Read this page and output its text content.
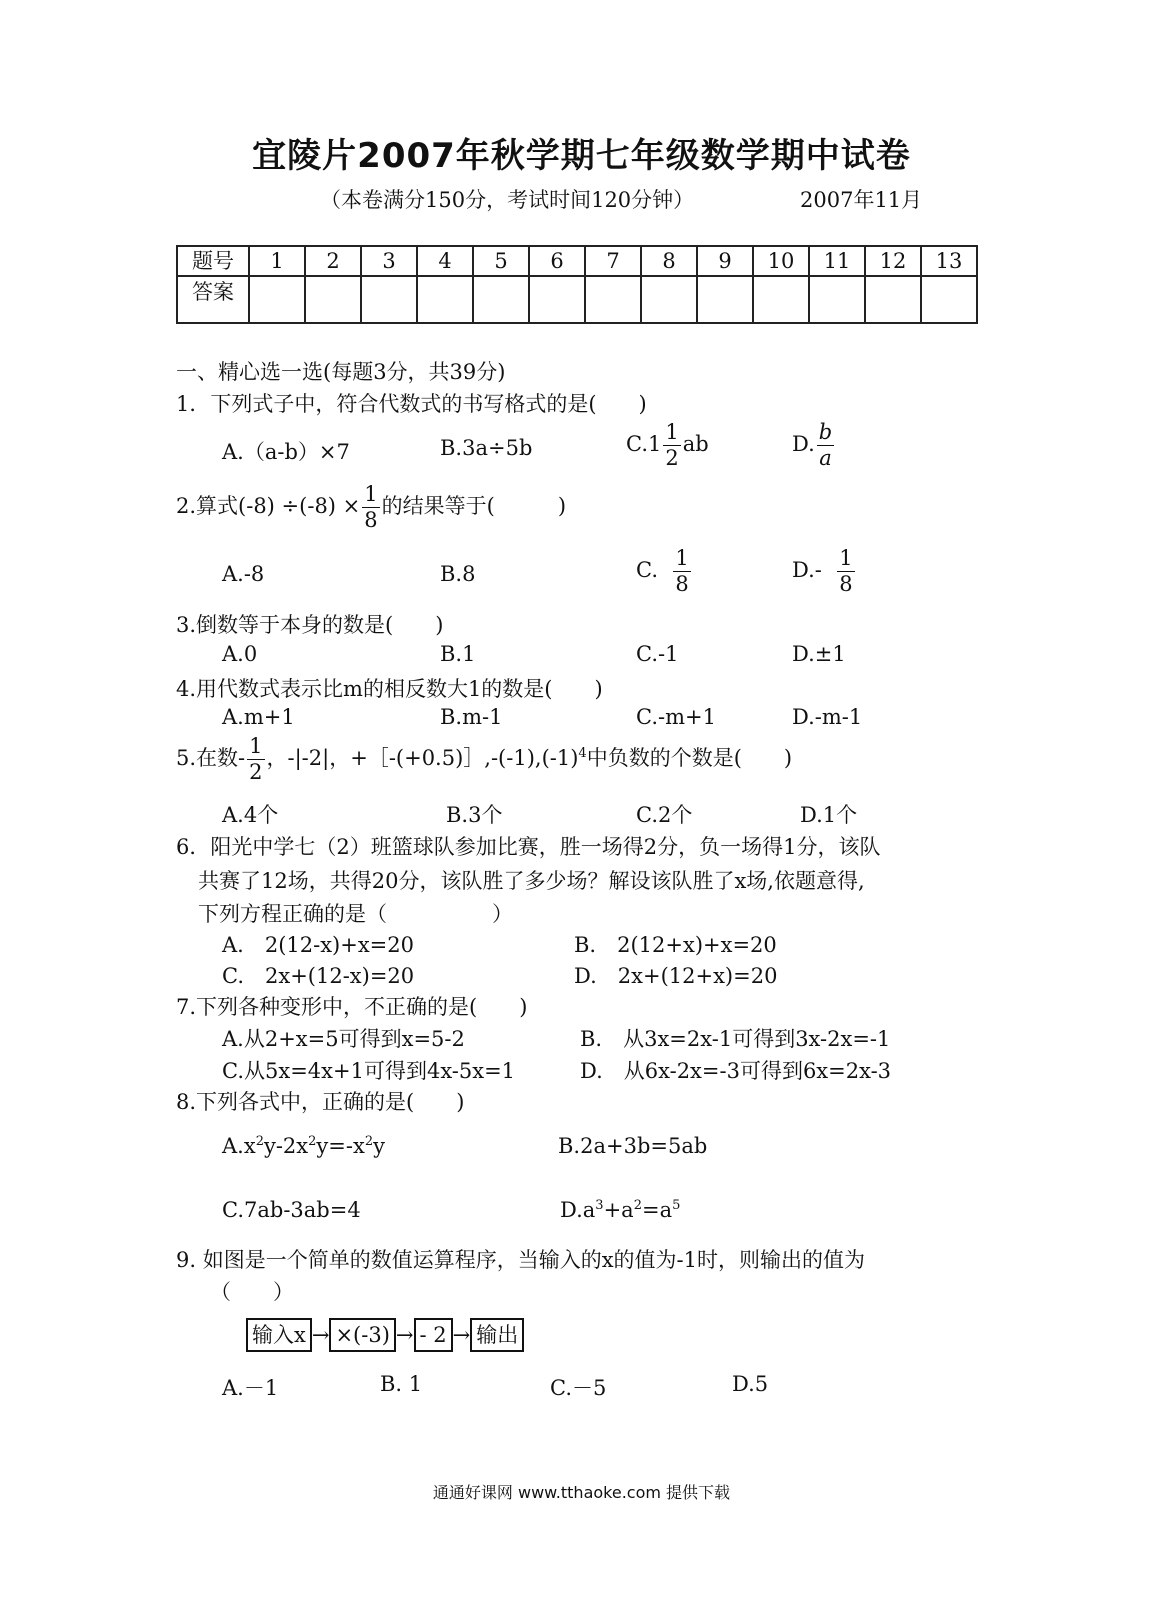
宜陵片2007年秋学期七年级数学期中试卷
（本卷满分150分，考试时间120分钟）	2007年11月
题号	1	2	3	4	5	6	7	8	9	10	11	12	13
答案													
一、精心选一选(每题3分，共39分)
1．下列式子中，符合代数式的书写格式的是(　　)
A.（a-b）×7	B.3a÷5b	$C.1 \frac{1}{2}$ ab	D. $\frac{b}{a}$
2.算式$(-8) \div(-8) \times \frac{1}{8}$ 的结果等于(　　　)
A.-8	B.8	C. $\frac{1}{8}$	$D.- \frac{1}{8}$
3.倒数等于本身的数是(　　)
A.0	B.1	C.-1	D.±1
4.用代数式表示比m的相反数大1的数是(　　)
A.m+1	B.m-1	C.-m+1	D.-m-1
5.在数- $\frac{1}{2}$ ，-|-2|，$+[-(+0.5)],-(-1),(-1)^4$中负数的个数是(　　)
A.4个	B.3个	C.2个	D.1个
6．阳光中学七（2）班篮球队参加比赛，胜一场得2分，负一场得1分，该队
共赛了12场，共得20分，该队胜了多少场？解设该队胜了x场,依题意得,
下列方程正确的是（　　　　　）
A.　2(12-x)+x=20	B.　2(12+x)+x=20
C.　2x+(12-x)=20	D.　2x+(12+x)=20
7.下列各种变形中，不正确的是(　　)
A.从2+x=5可得到x=5-2	B.　从3x=2x-1可得到3x-2x=-1
C.从5x=4x+1可得到4x-5x=1	D.　从6x-2x=-3可得到6x=2x-3
8.下列各式中，正确的是(　　)
$A.x^2y-2x^2y=-x^2y$	B.2a+3b=5ab
C.7ab-3ab=4	$D.a^3+a^2=a^5$
9. 如图是一个简单的数值运算程序，当输入的x的值为-1时，则输出的值为
（　　）
输入x → ×(-3) → - 2 → 输出
A.－1	B. 1	C.－5	D.5
通通好课网 www.tthaoke.com 提供下载
